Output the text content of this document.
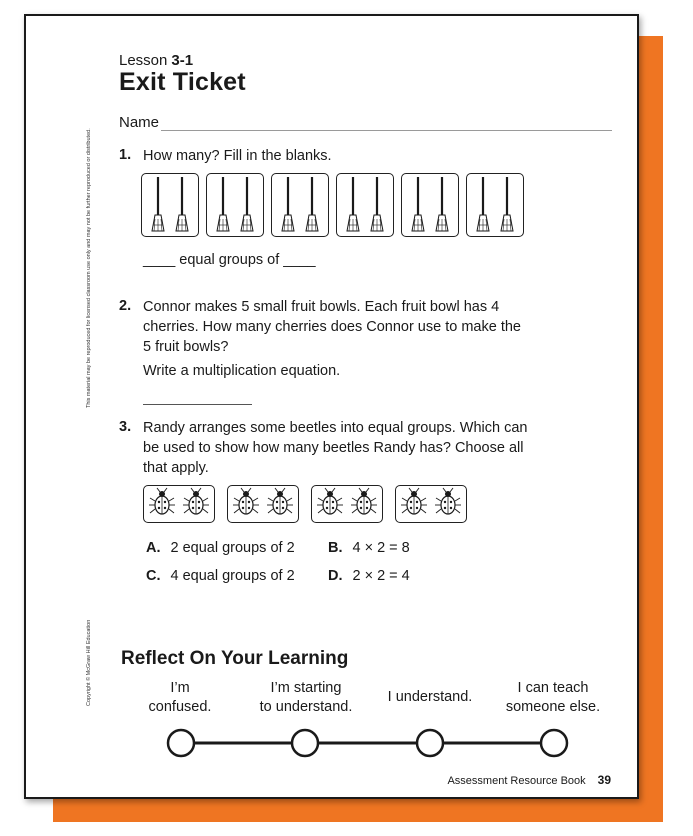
This material may be reproduced for licensed classroom use only and may not be further reproduced or distributed.
Copyright © McGraw Hill Education
Lesson 3-1
Exit Ticket
Name
1. How many? Fill in the blanks.
____ equal groups of ____
2. Connor makes 5 small fruit bowls. Each fruit bowl has 4
cherries. How many cherries does Connor use to make the
5 fruit bowls?
Write a multiplication equation.
3. Randy arranges some beetles into equal groups. Which can
be used to show how many beetles Randy has? Choose all
that apply.
A. 2 equal groups of 2 B. 4 × 2 = 8
C. 4 equal groups of 2 D. 2 × 2 = 4
Reflect On Your Learning
I’m
confused.
I’m starting
to understand.
I understand.
I can teach
someone else.
Assessment Resource Book 39
